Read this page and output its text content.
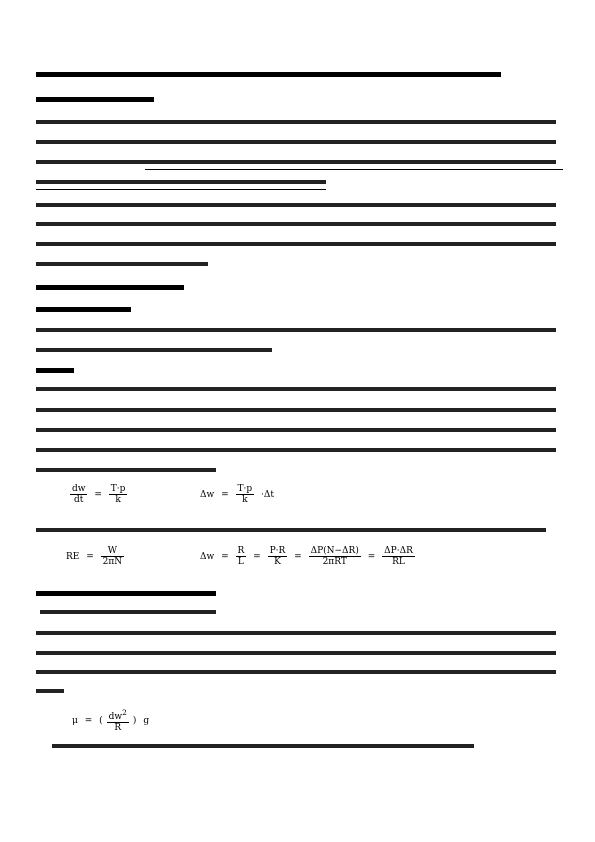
$\frac{dw}{dt} = \frac{T\cdot p}{k}$	$\Delta w = \frac{T\cdot p}{k} \cdot\Delta t$
RE = $\frac{W}{2\pi N}$	$\Delta w = \frac{R}{L} = \frac{P\cdot R}{K} = \frac{\Delta P(N-\Delta R)}{\text{2πRT}} = \frac{\Delta P\cdot\Delta R}{RL}$
μ = ( $\frac{dw^2}{R}$ ) g
